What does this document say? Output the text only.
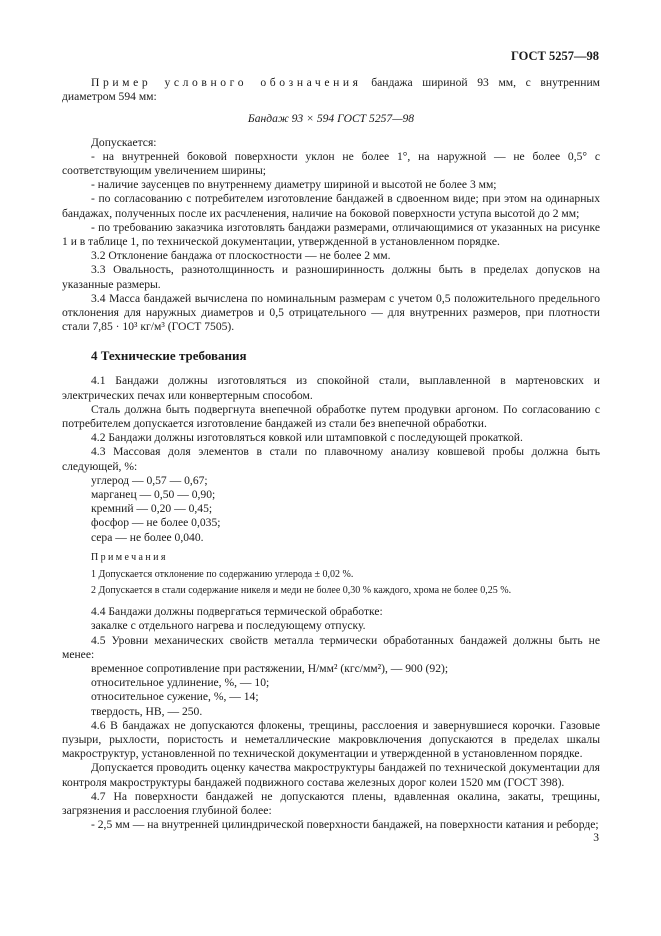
ГОСТ 5257—98

Пример условного обозначения бандажа шириной 93 мм, с внутренним диаметром 594 мм:

Бандаж 93 × 594 ГОСТ 5257—98

Допускается:

- на внутренней боковой поверхности уклон не более 1°, на наружной — не более 0,5° с соответствующим увеличением ширины;

- наличие заусенцев по внутреннему диаметру шириной и высотой не более 3 мм;

- по согласованию с потребителем изготовление бандажей в сдвоенном виде; при этом на одинарных бандажах, полученных после их расчленения, наличие на боковой поверхности уступа высотой до 2 мм;

- по требованию заказчика изготовлять бандажи размерами, отличающимися от указанных на рисунке 1 и в таблице 1, по технической документации, утвержденной в установленном порядке.

3.2 Отклонение бандажа от плоскостности — не более 2 мм.

3.3 Овальность, разнотолщинность и разноширинность должны быть в пределах допусков на указанные размеры.

3.4 Масса бандажей вычислена по номинальным размерам с учетом 0,5 положительного предельного отклонения для наружных диаметров и 0,5 отрицательного — для внутренних размеров, при плотности стали 7,85 · 10³ кг/м³ (ГОСТ 7505).

4 Технические требования

4.1 Бандажи должны изготовляться из спокойной стали, выплавленной в мартеновских и электрических печах или конвертерным способом.

Сталь должна быть подвергнута внепечной обработке путем продувки аргоном. По согласованию с потребителем допускается изготовление бандажей из стали без внепечной обработки.

4.2 Бандажи должны изготовляться ковкой или штамповкой с последующей прокаткой.

4.3 Массовая доля элементов в стали по плавочному анализу ковшевой пробы должна быть следующей, %:

углерод — 0,57 — 0,67;

марганец — 0,50 — 0,90;

кремний — 0,20 — 0,45;

фосфор — не более 0,035;

сера — не более 0,040.

Примечания
1 Допускается отклонение по содержанию углерода ± 0,02 %.
2 Допускается в стали содержание никеля и меди не более 0,30 % каждого, хрома не более 0,25 %.

4.4 Бандажи должны подвергаться термической обработке:

закалке с отдельного нагрева и последующему отпуску.

4.5 Уровни механических свойств металла термически обработанных бандажей должны быть не менее:

временное сопротивление при растяжении, Н/мм² (кгс/мм²), — 900 (92);

относительное удлинение, %, — 10;

относительное сужение, %, — 14;

твердость, НВ, — 250.

4.6 В бандажах не допускаются флокены, трещины, расслоения и завернувшиеся корочки. Газовые пузыри, рыхлости, пористость и неметаллические макровключения допускаются в пределах шкалы макроструктур, установленной по технической документации и утвержденной в установленном порядке.

Допускается проводить оценку качества макроструктуры бандажей по технической документации для контроля макроструктуры бандажей подвижного состава железных дорог колеи 1520 мм (ГОСТ 398).

4.7 На поверхности бандажей не допускаются плены, вдавленная окалина, закаты, трещины, загрязнения и расслоения глубиной более:

- 2,5 мм — на внутренней цилиндрической поверхности бандажей, на поверхности катания и реборде;

3
